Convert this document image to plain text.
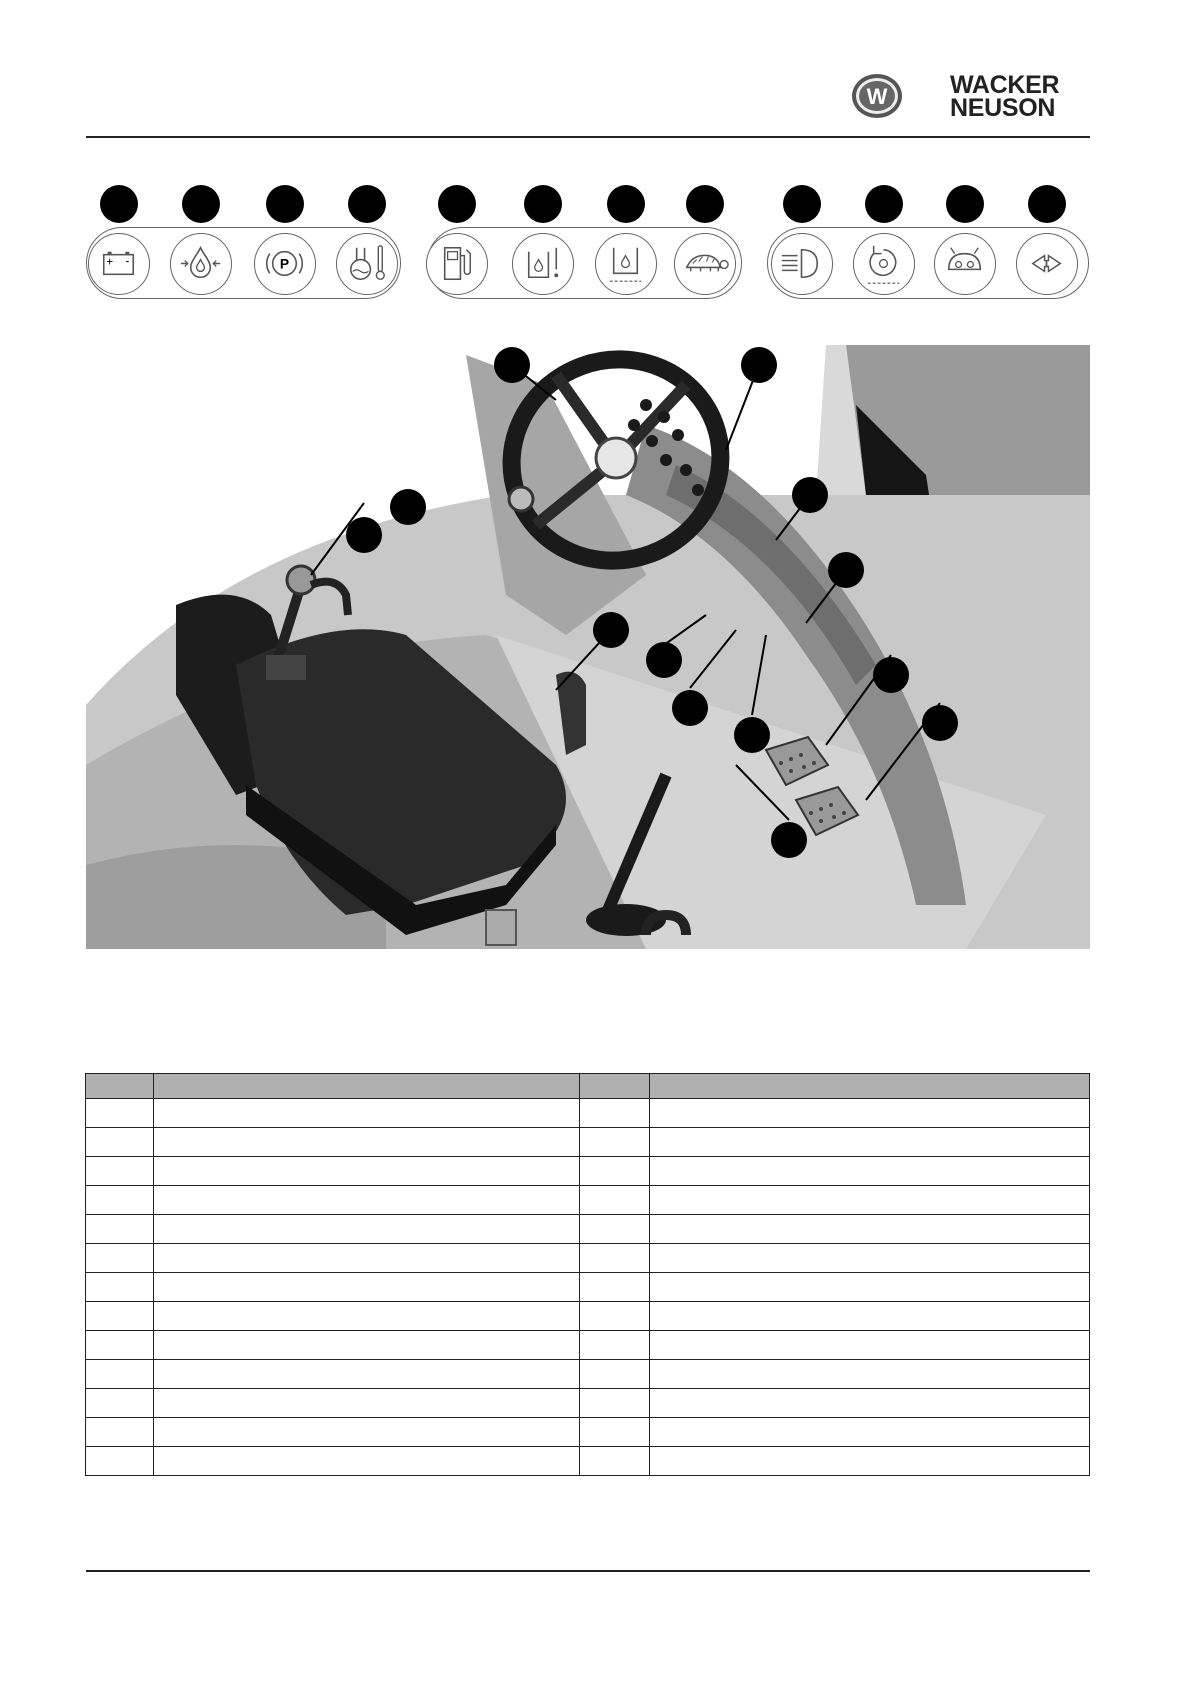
W	WACKER
NEUSON
+ -	P
